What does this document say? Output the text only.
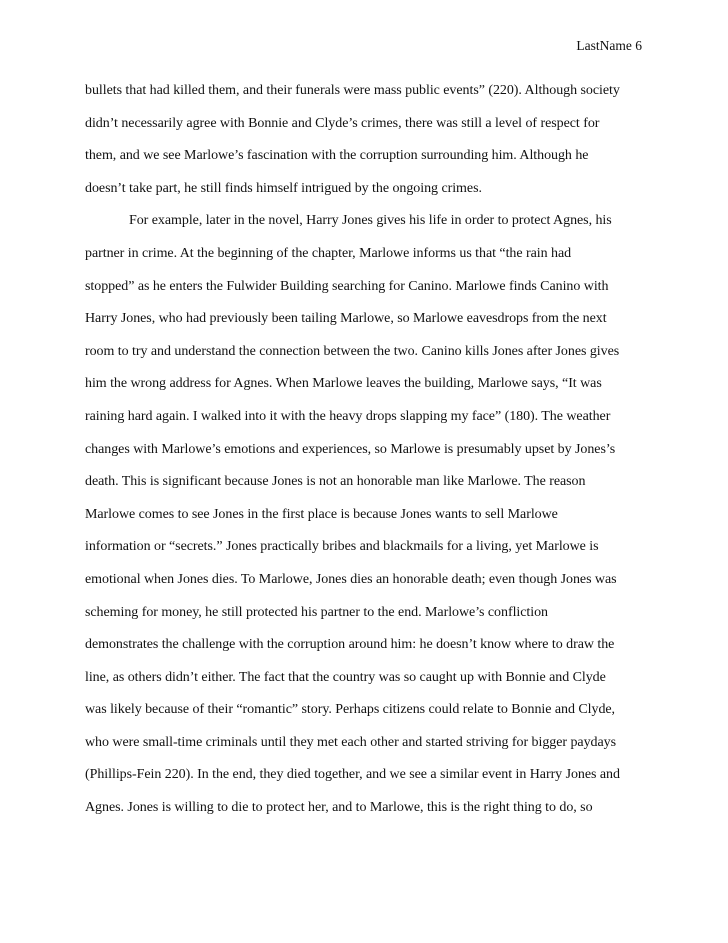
LastName 6
bullets that had killed them, and their funerals were mass public events” (220). Although society
didn’t necessarily agree with Bonnie and Clyde’s crimes, there was still a level of respect for
them, and we see Marlowe’s fascination with the corruption surrounding him. Although he
doesn’t take part, he still finds himself intrigued by the ongoing crimes.
For example, later in the novel, Harry Jones gives his life in order to protect Agnes, his
partner in crime. At the beginning of the chapter, Marlowe informs us that “the rain had
stopped” as he enters the Fulwider Building searching for Canino. Marlowe finds Canino with
Harry Jones, who had previously been tailing Marlowe, so Marlowe eavesdrops from the next
room to try and understand the connection between the two. Canino kills Jones after Jones gives
him the wrong address for Agnes. When Marlowe leaves the building, Marlowe says, “It was
raining hard again. I walked into it with the heavy drops slapping my face” (180). The weather
changes with Marlowe’s emotions and experiences, so Marlowe is presumably upset by Jones’s
death. This is significant because Jones is not an honorable man like Marlowe. The reason
Marlowe comes to see Jones in the first place is because Jones wants to sell Marlowe
information or “secrets.” Jones practically bribes and blackmails for a living, yet Marlowe is
emotional when Jones dies. To Marlowe, Jones dies an honorable death; even though Jones was
scheming for money, he still protected his partner to the end. Marlowe’s confliction
demonstrates the challenge with the corruption around him: he doesn’t know where to draw the
line, as others didn’t either. The fact that the country was so caught up with Bonnie and Clyde
was likely because of their “romantic” story. Perhaps citizens could relate to Bonnie and Clyde,
who were small-time criminals until they met each other and started striving for bigger paydays
(Phillips-Fein 220). In the end, they died together, and we see a similar event in Harry Jones and
Agnes. Jones is willing to die to protect her, and to Marlowe, this is the right thing to do, so
